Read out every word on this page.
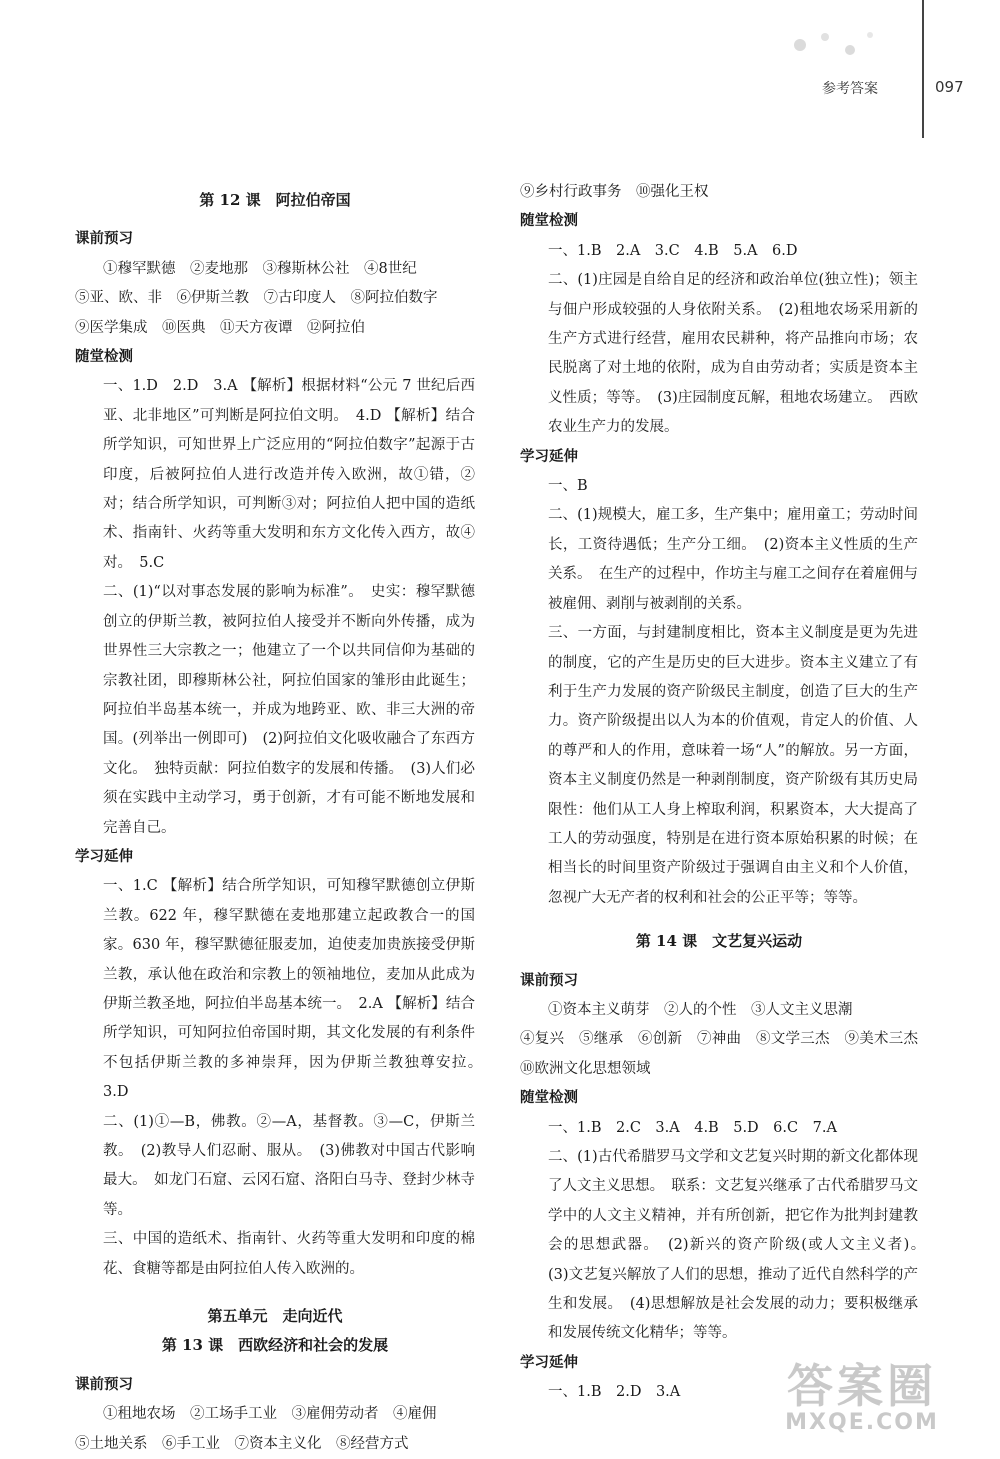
参考答案	097
第 12 课　阿拉伯帝国
课前预习

①穆罕默德　②麦地那　③穆斯林公社　④8世纪

⑤亚、欧、非　⑥伊斯兰教　⑦古印度人　⑧阿拉伯数字

⑨医学集成　⑩医典　⑪天方夜谭　⑫阿拉伯

随堂检测

一、1.D　2.D　3.A 【解析】根据材料“公元 7 世纪后西亚、北非地区”可判断是阿拉伯文明。　4.D 【解析】结合所学知识，可知世界上广泛应用的“阿拉伯数字”起源于古印度，后被阿拉伯人进行改造并传入欧洲，故①错，②对；结合所学知识，可判断③对；阿拉伯人把中国的造纸术、指南针、火药等重大发明和东方文化传入西方，故④对。　5.C

二、(1)“以对事态发展的影响为标准”。　史实：穆罕默德创立的伊斯兰教，被阿拉伯人接受并不断向外传播，成为世界性三大宗教之一；他建立了一个以共同信仰为基础的宗教社团，即穆斯林公社，阿拉伯国家的雏形由此诞生；阿拉伯半岛基本统一，并成为地跨亚、欧、非三大洲的帝国。(列举出一例即可)　(2)阿拉伯文化吸收融合了东西方文化。　独特贡献：阿拉伯数字的发展和传播。　(3)人们必须在实践中主动学习，勇于创新，才有可能不断地发展和完善自己。

学习延伸

一、1.C 【解析】结合所学知识，可知穆罕默德创立伊斯兰教。622 年，穆罕默德在麦地那建立起政教合一的国家。630 年，穆罕默德征服麦加，迫使麦加贵族接受伊斯兰教，承认他在政治和宗教上的领袖地位，麦加从此成为伊斯兰教圣地，阿拉伯半岛基本统一。　2.A 【解析】结合所学知识，可知阿拉伯帝国时期，其文化发展的有利条件不包括伊斯兰教的多神崇拜，因为伊斯兰教独尊安拉。　3.D

二、(1)①—B，佛教。②—A，基督教。③—C，伊斯兰教。　(2)教导人们忍耐、服从。　(3)佛教对中国古代影响最大。　如龙门石窟、云冈石窟、洛阳白马寺、登封少林寺等。

三、中国的造纸术、指南针、火药等重大发明和印度的棉花、食糖等都是由阿拉伯人传入欧洲的。

第五单元　走向近代
第 13 课　西欧经济和社会的发展
课前预习

①租地农场　②工场手工业　③雇佣劳动者　④雇佣

⑤土地关系　⑥手工业　⑦资本主义化　⑧经营方式

⑨乡村行政事务　⑩强化王权

随堂检测

一、1.B　2.A　3.C　4.B　5.A　6.D

二、(1)庄园是自给自足的经济和政治单位(独立性)；领主与佃户形成较强的人身依附关系。　(2)租地农场采用新的生产方式进行经营，雇用农民耕种，将产品推向市场；农民脱离了对土地的依附，成为自由劳动者；实质是资本主义性质；等等。　(3)庄园制度瓦解，租地农场建立。　西欧农业生产力的发展。

学习延伸

一、B

二、(1)规模大，雇工多，生产集中；雇用童工；劳动时间长，工资待遇低；生产分工细。　(2)资本主义性质的生产关系。　在生产的过程中，作坊主与雇工之间存在着雇佣与被雇佣、剥削与被剥削的关系。

三、一方面，与封建制度相比，资本主义制度是更为先进的制度，它的产生是历史的巨大进步。资本主义建立了有利于生产力发展的资产阶级民主制度，创造了巨大的生产力。资产阶级提出以人为本的价值观，肯定人的价值、人的尊严和人的作用，意味着一场“人”的解放。另一方面，资本主义制度仍然是一种剥削制度，资产阶级有其历史局限性：他们从工人身上榨取利润，积累资本，大大提高了工人的劳动强度，特别是在进行资本原始积累的时候；在相当长的时间里资产阶级过于强调自由主义和个人价值，忽视广大无产者的权利和社会的公正平等；等等。

第 14 课　文艺复兴运动
课前预习

①资本主义萌芽　②人的个性　③人文主义思潮

④复兴　⑤继承　⑥创新　⑦神曲　⑧文学三杰　⑨美术三杰　⑩欧洲文化思想领域

随堂检测

一、1.B　2.C　3.A　4.B　5.D　6.C　7.A

二、(1)古代希腊罗马文学和文艺复兴时期的新文化都体现了人文主义思想。　联系：文艺复兴继承了古代希腊罗马文学中的人文主义精神，并有所创新，把它作为批判封建教会的思想武器。　(2)新兴的资产阶级(或人文主义者)。　(3)文艺复兴解放了人们的思想，推动了近代自然科学的产生和发展。　(4)思想解放是社会发展的动力；要积极继承和发展传统文化精华；等等。

学习延伸

一、1.B　2.D　3.A	答案圈
MXQE.COM
